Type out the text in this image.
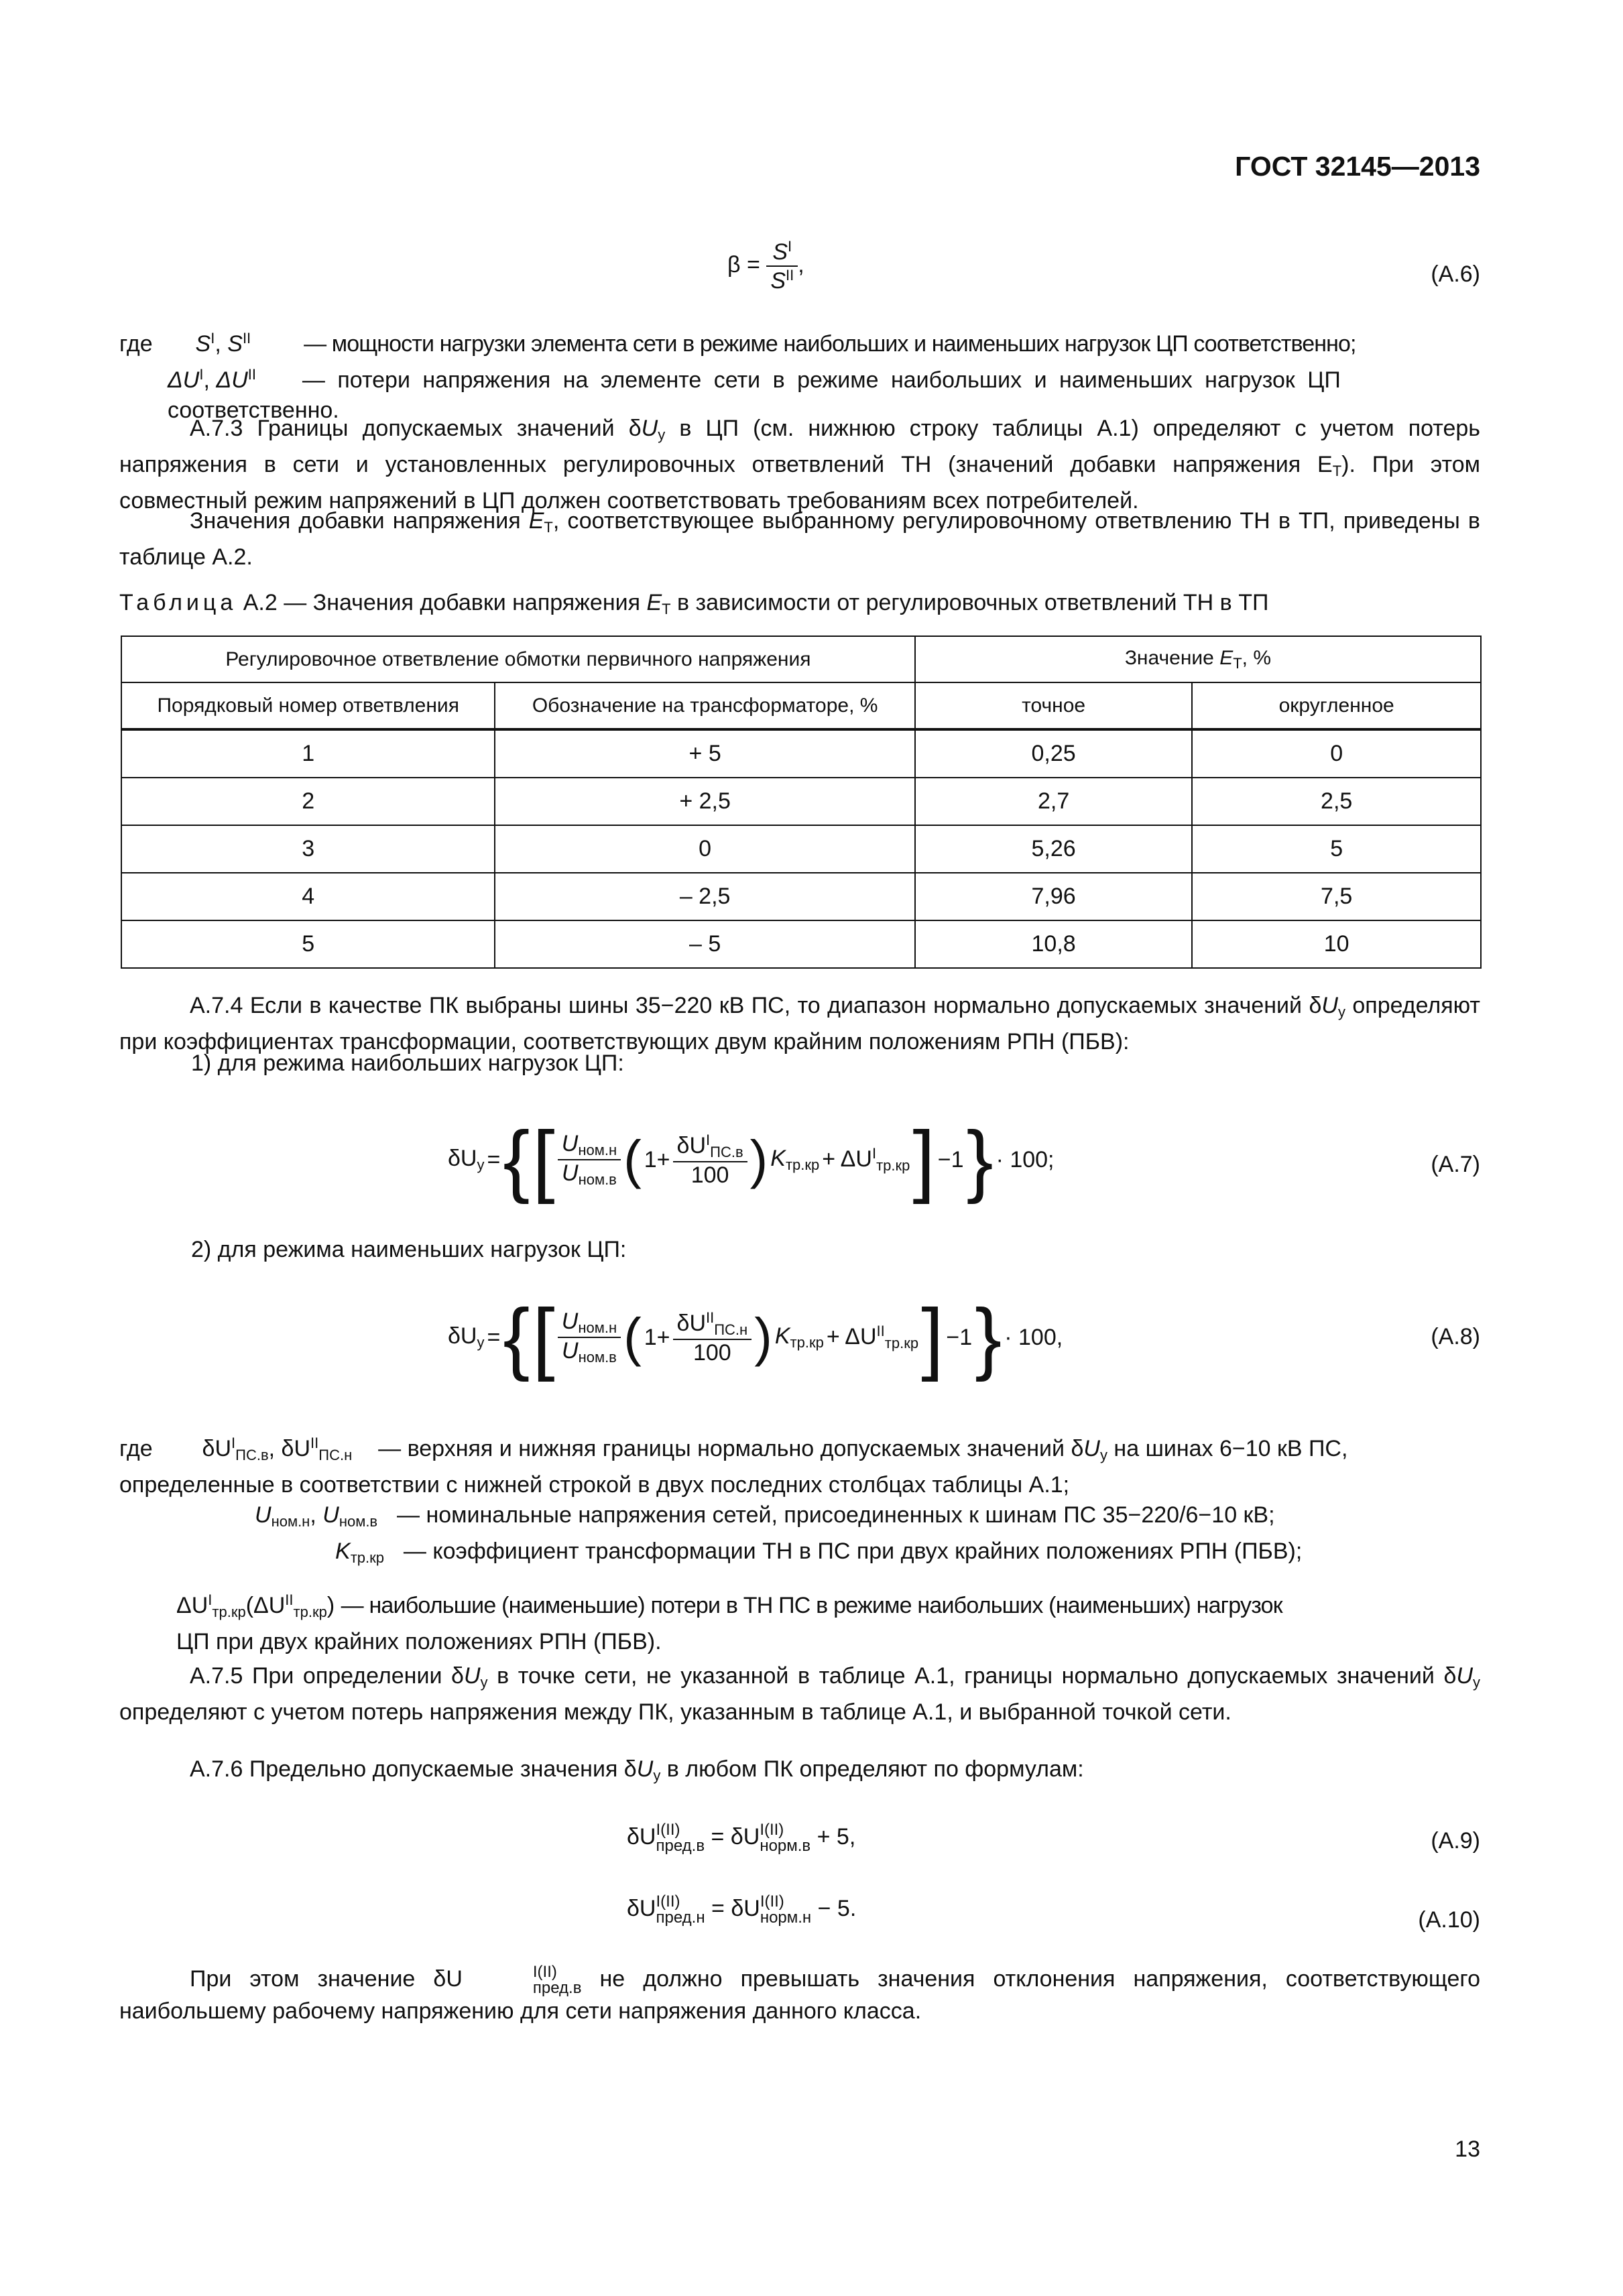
ГОСТ 32145—2013
$\beta = \frac{S^I}{S^{II}}$ ,	(А.6)
где $S^I$, $S^{II}$ — мощности нагрузки элемента сети в режиме наибольших и наименьших нагрузок ЦП соответственно;
$\Delta U^I$, $\Delta U^{II}$ — потери напряжения на элементе сети в режиме наибольших и наименьших нагрузок ЦП
соответственно.
А.7.3 Границы допускаемых значений $\delta U_у$ в ЦП (см. нижнюю строку таблицы А.1) определяют с учетом потерь напряжения в сети и установленных регулировочных ответвлений ТН (значений добавки напряжения $Е_Т$). При этом совместный режим напряжений в ЦП должен соответствовать требованиям всех потребителей.
Значения добавки напряжения $Е_Т$, соответствующее выбранному регулировочному ответвлению ТН в ТП, приведены в таблице А.2.
Таблица А.2 — Значения добавки напряжения $Е_Т$ в зависимости от регулировочных ответвлений ТН в ТП
Регулировочное ответвление обмотки первичного напряжения		Значение $Е_Т$, %	
Порядковый номер ответвления	Обозначение на трансформаторе, %	точное	округленное
1	+ 5	0,25	0
2	+ 2,5	2,7	2,5
3	0	5,26	5
4	– 2,5	7,96	7,5
5	– 5	10,8	10
А.7.4 Если в качестве ПК выбраны шины 35−220 кВ ПС, то диапазон нормально допускаемых значений $\delta U_у$ определяют при коэффициентах трансформации, соответствующих двум крайним положениям РПН (ПБВ):
1) для режима наибольших нагрузок ЦП:
$\delta U_у$ = { [ $\frac{U_{ном.н}}{U_{ном.в}}$ ( $1+ \frac{\delta U^I_{ПС.в}}{100}$ ) $K_{тр.кр} + \Delta U^I_{тр.кр}$ ] −1 } · 100;	(А.7)
2) для режима наименьших нагрузок ЦП:
$\delta U_у$ = { [ $\frac{U_{ном.н}}{U_{ном.в}}$ ( $1+ \frac{\delta U^{II}_{ПС.н}}{100}$ ) $K_{тр.кр} + \Delta U^{II}_{тр.кр}$ ] −1 } · 100,	(А.8)
где $\delta U^I_{ПС.в}$, $\delta U^{II}_{ПС.н}$ — верхняя и нижняя границы нормально допускаемых значений $\delta U_у$ на шинах 6−10 кВ ПС,
определенные в соответствии с нижней строкой в двух последних столбцах таблицы А.1;
$U_{ном.н}$, $U_{ном.в}$ — номинальные напряжения сетей, присоединенных к шинам ПС 35−220/6−10 кВ;
$K_{тр.кр}$ — коэффициент трансформации ТН в ПС при двух крайних положениях РПН (ПБВ);
$\Delta U^I_{тр.кр}(\Delta U^{II}_{тр.кр})$ — наибольшие (наименьшие) потери в ТН ПС в режиме наибольших (наименьших) нагрузок
ЦП при двух крайних положениях РПН (ПБВ).
А.7.5 При определении $\delta U_у$ в точке сети, не указанной в таблице А.1, границы нормально допускаемых значений $\delta U_у$ определяют с учетом потерь напряжения между ПК, указанным в таблице А.1, и выбранной точкой сети.
А.7.6 Предельно допускаемые значения $\delta U_у$ в любом ПК определяют по формулам:
δU I(II)
пред.в = δU I(II)
норм.в + 5,	(А.9)
δU I(II)
пред.н = δU I(II)
норм.н − 5.	(А.10)
При этом значение δU	I(II)
пред.в не должно превышать значения отклонения напряжения, соответствующего наибольшему рабочему напряжению для сети напряжения данного класса.
13
